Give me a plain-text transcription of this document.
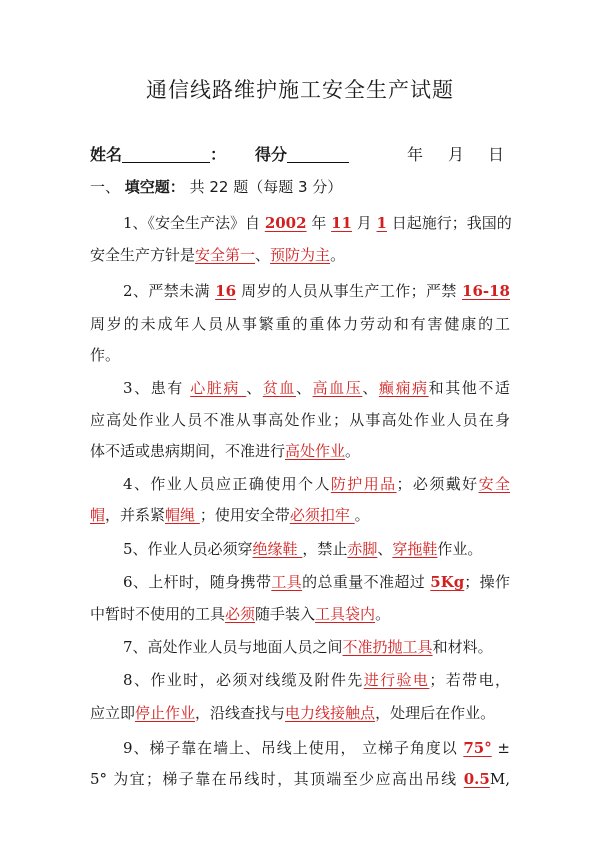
通信线路维护施工安全生产试题
姓名	： 得分	年 月 日
一、 填空题： 共 22 题（每题 3 分）
1、《安全生产法》自 2002 年 11 月 1 日起施行；我国的
安全生产方针是安全第一、预防为主。
2、严禁未满 16 周岁的人员从事生产工作；严禁 16-18
周岁的未成年人员从事繁重的重体力劳动和有害健康的工
作。
3、患有 心脏病 、贫血、高血压、癫痫病和其他不适
应高处作业人员不准从事高处作业；从事高处作业人员在身
体不适或患病期间，不准进行高处作业。
4、作业人员应正确使用个人防护用品；必须戴好安全
帽，并系紧帽绳 ；使用安全带必须扣牢 。
5、作业人员必须穿绝缘鞋 ，禁止赤脚、穿拖鞋作业。
6、上杆时，随身携带工具的总重量不准超过 5Kg；操作
中暂时不使用的工具必须随手装入工具袋内。
7、高处作业人员与地面人员之间不准扔抛工具和材料。
8、作业时，必须对线缆及附件先进行验电；若带电，
应立即停止作业，沿线查找与电力线接触点，处理后在作业。
9、梯子靠在墙上、吊线上使用， 立梯子角度以 75° ±
5° 为宜；梯子靠在吊线时，其顶端至少应高出吊线 0.5M,
